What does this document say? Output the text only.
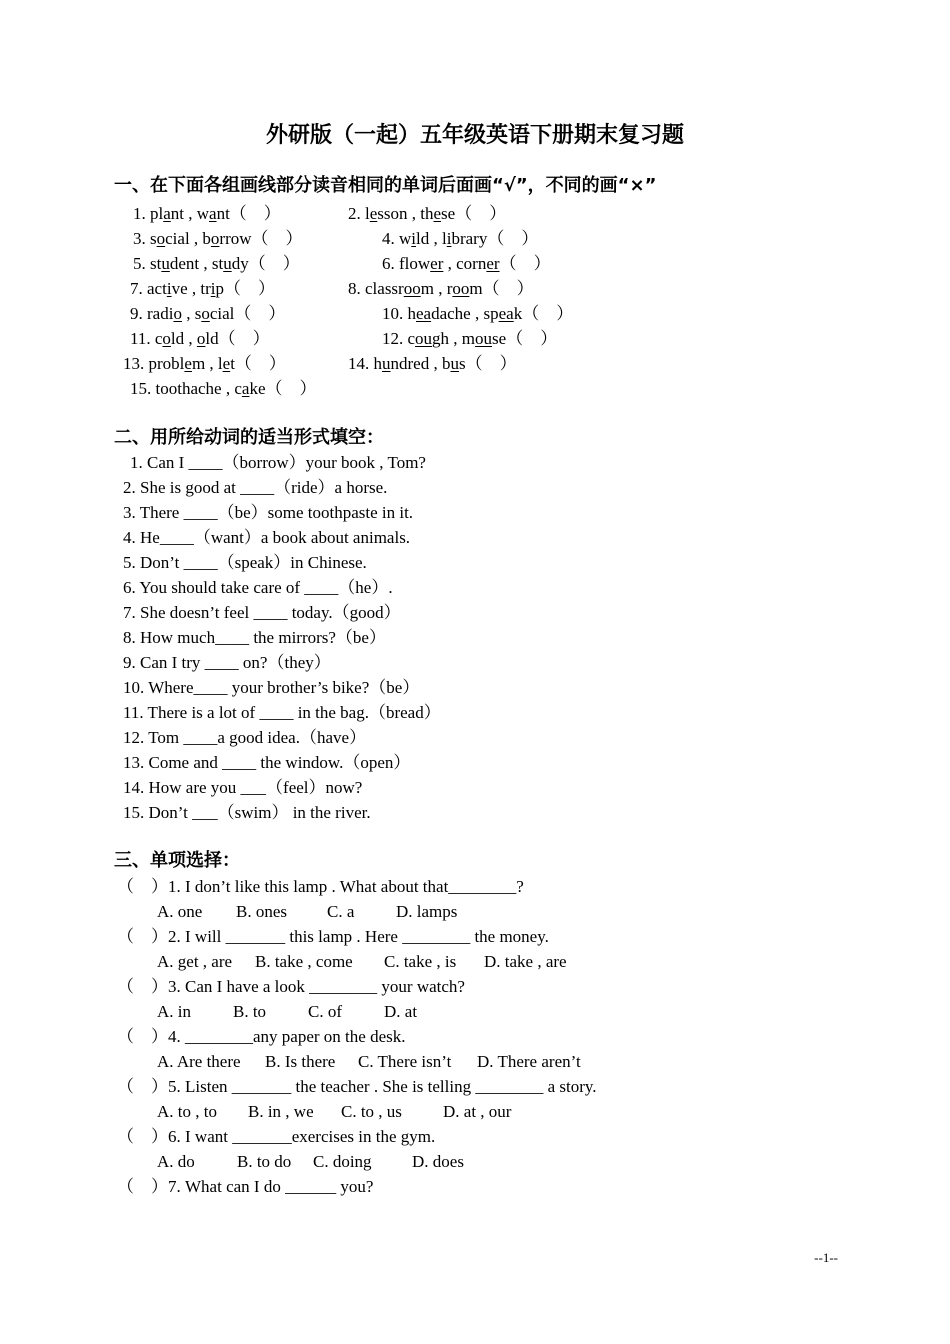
外研版（一起）五年级英语下册期末复习题
一、在下面各组画线部分读音相同的单词后面画“√”，不同的画“×”
1. plant , want（    ）	2. lesson , these（    ）
3. social , borrow（    ）	4. wild , library（    ）
5. student , study（    ）	6. flower , corner（    ）
7. active , trip（    ）	8. classroom , room（    ）
9. radio , social（    ）	10. headache , speak（    ）
11. cold , old（    ）	12. cough , mouse（    ）
13. problem , let（    ）	14. hundred , bus（    ）
15. toothache , cake（    ）
二、用所给动词的适当形式填空：
1. Can I ____（borrow）your book , Tom?
2. She is good at ____（ride）a horse.
3. There ____（be）some toothpaste in it.
4. He____（want）a book about animals.
5. Don’t ____（speak）in Chinese.
6. You should take care of ____（he）.
7. She doesn’t feel ____ today.（good）
8. How much____ the mirrors?（be）
9. Can I try ____ on?（they）
10. Where____ your brother’s bike?（be）
11. There is a lot of ____ in the bag.（bread）
12. Tom ____a good idea.（have）
13. Come and ____ the window.（open）
14. How are you ___（feel）now?
15. Don’t ___（swim） in the river.
三、单项选择：
（    ）1. I don’t like this lamp . What about that________?
A. one B. ones C. a D. lamps
（    ）2. I will _______ this lamp . Here ________ the money.
A. get , are B. take , come C. take , is D. take , are
（    ）3. Can I have a look ________ your watch?
A. in B. to C. of D. at
（    ）4. ________any paper on the desk.
A. Are there B. Is there C. There isn’t D. There aren’t
（    ）5. Listen _______ the teacher . She is telling ________ a story.
A. to , to B. in , we C. to , us D. at , our
（    ）6. I want _______exercises in the gym.
A. do B. to do C. doing D. does
（    ）7. What can I do ______ you?
--1--
